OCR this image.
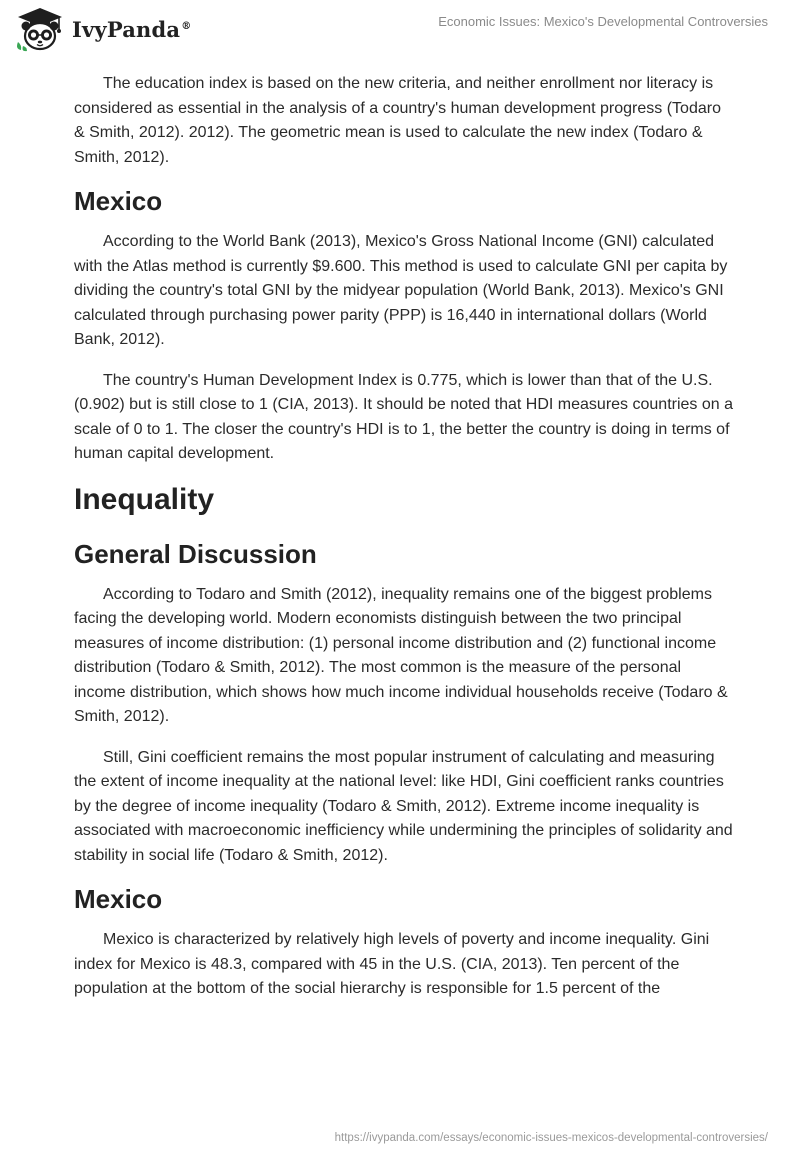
IvyPanda®	Economic Issues: Mexico's Developmental Controversies

The education index is based on the new criteria, and neither enrollment nor literacy is considered as essential in the analysis of a country's human development progress (Todaro & Smith, 2012). 2012). The geometric mean is used to calculate the new index (Todaro & Smith, 2012).

Mexico

According to the World Bank (2013), Mexico's Gross National Income (GNI) calculated with the Atlas method is currently $9.600. This method is used to calculate GNI per capita by dividing the country's total GNI by the midyear population (World Bank, 2013). Mexico's GNI calculated through purchasing power parity (PPP) is 16,440 in international dollars (World Bank, 2012).

The country's Human Development Index is 0.775, which is lower than that of the U.S. (0.902) but is still close to 1 (CIA, 2013). It should be noted that HDI measures countries on a scale of 0 to 1. The closer the country's HDI is to 1, the better the country is doing in terms of human capital development.

Inequality
General Discussion

According to Todaro and Smith (2012), inequality remains one of the biggest problems facing the developing world. Modern economists distinguish between the two principal measures of income distribution: (1) personal income distribution and (2) functional income distribution (Todaro & Smith, 2012). The most common is the measure of the personal income distribution, which shows how much income individual households receive (Todaro & Smith, 2012).

Still, Gini coefficient remains the most popular instrument of calculating and measuring the extent of income inequality at the national level: like HDI, Gini coefficient ranks countries by the degree of income inequality (Todaro & Smith, 2012). Extreme income inequality is associated with macroeconomic inefficiency while undermining the principles of solidarity and stability in social life (Todaro & Smith, 2012).

Mexico

Mexico is characterized by relatively high levels of poverty and income inequality. Gini index for Mexico is 48.3, compared with 45 in the U.S. (CIA, 2013). Ten percent of the population at the bottom of the social hierarchy is responsible for 1.5 percent of the

https://ivypanda.com/essays/economic-issues-mexicos-developmental-controversies/
